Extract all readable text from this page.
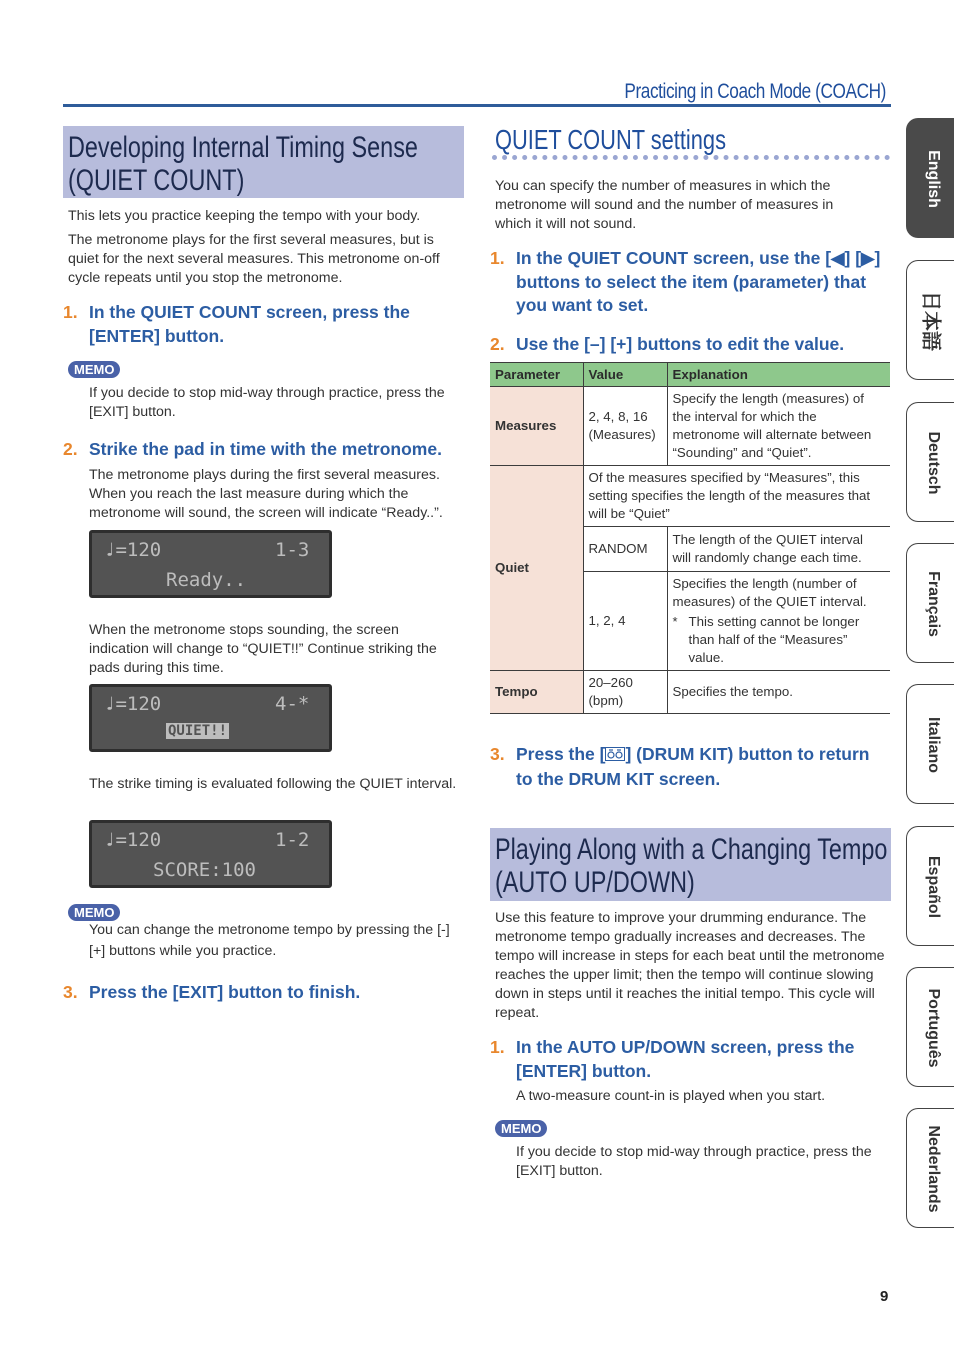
Practicing in Coach Mode (COACH)
Developing Internal Timing Sense
(QUIET COUNT)
This lets you practice keeping the tempo with your body.
The metronome plays for the first several measures, but is quiet for the next several measures. This metronome on-off cycle repeats until you stop the metronome.
1. In the QUIET COUNT screen, press the [ENTER] button.
MEMO
If you decide to stop mid-way through practice, press the [EXIT] button.
2. Strike the pad in time with the metronome.
The metronome plays during the first several measures. When you reach the last measure during which the metronome will sound, the screen will indicate “Ready..”.
♩=120	1-3
Ready..
When the metronome stops sounding, the screen indication will change to “QUIET!!” Continue striking the pads during this time.
♩=120	4-*
QUIET!!
The strike timing is evaluated following the QUIET interval.
♩=120	1-2
SCORE:100
MEMO
You can change the metronome tempo by pressing the [-] [+] buttons while you practice.
3. Press the [EXIT] button to finish.
QUIET COUNT settings
You can specify the number of measures in which the metronome will sound and the number of measures in which it will not sound.
1. In the QUIET COUNT screen, use the [◀] [▶] buttons to select the item (parameter) that you want to set.
2. Use the [–] [+] buttons to edit the value.
Parameter	Value	Explanation
Measures	2, 4, 8, 16 (Measures)	Specify the length (measures) of the interval for which the metronome will alternate between “Sounding” and “Quiet”.
Quiet	Of the measures specified by “Measures”, this setting specifies the length of the measures that will be “Quiet”	
	RANDOM	The length of the QUIET interval will randomly change each time.
	1, 2, 4	Specifies the length (number of measures) of the QUIET interval.
* This setting cannot be longer than half of the “Measures” value.

Tempo	20–260 (bpm)	Specifies the tempo.
3. Press the [ ] (DRUM KIT) button to return to the DRUM KIT screen.
Playing Along with a Changing Tempo
(AUTO UP/DOWN)
Use this feature to improve your drumming endurance. The metronome tempo gradually increases and decreases. The tempo will increase in steps for each beat until the metronome reaches the upper limit; then the tempo will continue slowing down in steps until it reaches the initial tempo. This cycle will repeat.
1. In the AUTO UP/DOWN screen, press the [ENTER] button.
A two-measure count-in is played when you start.
MEMO
If you decide to stop mid-way through practice, press the [EXIT] button.
English
日本語
Deutsch
Français
Italiano
Español
Português
Nederlands
9
